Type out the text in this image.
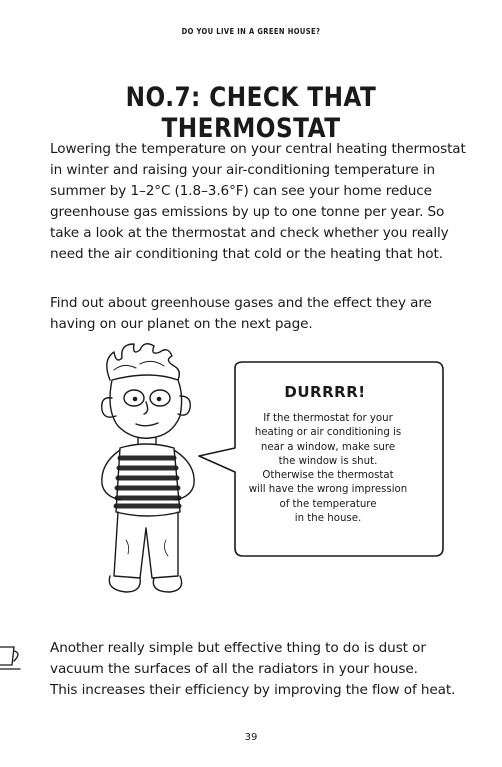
DO YOU LIVE IN A GREEN HOUSE?
NO.7: CHECK THAT THERMOSTAT
Lowering the temperature on your central heating thermostat
in winter and raising your air-conditioning temperature in
summer by 1–2°C (1.8–3.6°F) can see your home reduce
greenhouse gas emissions by up to one tonne per year. So
take a look at the thermostat and check whether you really
need the air conditioning that cold or the heating that hot.
Find out about greenhouse gases and the effect they are
having on our planet on the next page.
DURRRR!
If the thermostat for your
heating or air conditioning is
near a window, make sure
the window is shut.
Otherwise the thermostat
will have the wrong impression
of the temperature
in the house.
Another really simple but effective thing to do is dust or
vacuum the surfaces of all the radiators in your house.
This increases their efficiency by improving the flow of heat.
39
